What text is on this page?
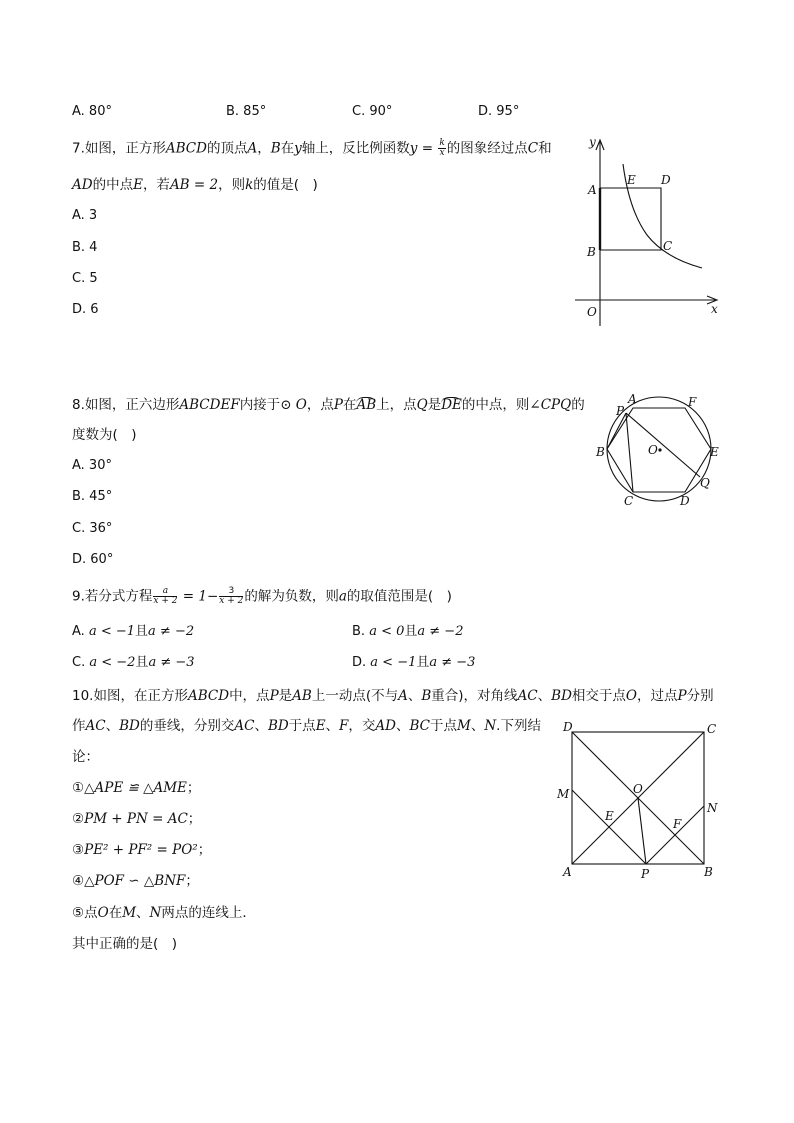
A. 80°	B. 85°	C. 90°	D. 95°
7.如图，正方形ABCD的顶点A，B在y轴上，反比例函数$y = \frac{k}{x}$ 的图象经过点C和
AD的中点E，若AB = 2，则k的值是(　)
A. 3
B. 4
C. 5
D. 6
y
A
E D
B	C
O	x
8.如图，正六边形ABCDEF内接于⊙ O，点P在AB上，点Q是DE的中点，则∠CPQ的
度数为(　)
A. 30°
B. 45°
C. 36°
D. 60°
P
A	F
B	O	E
Q
C	D
9.若分式方程 $\frac{a}{x + 2} = 1- \frac{3}{x + 2}$ 的解为负数，则a的取值范围是(　)
A. a < −1且a ≠ −2	B. a < 0且a ≠ −2
C. a < −2且a ≠ −3	D. a < −1且a ≠ −3
10.如图，在正方形ABCD中，点P是AB上一动点(不与A、B重合)，对角线AC、BD相交于点O，过点P分别
作AC、BD的垂线，分别交AC、BD于点E、F，交AD、BC于点M、N.下列结
论：
①△APE ≌ △AME；
②PM + PN = AC；
③PE² + PF² = PO²；
④△POF ∽ △BNF；
⑤点O在M、N两点的连线上．
其中正确的是(　)
D	C
M	O
N
E
F
A	P	B
